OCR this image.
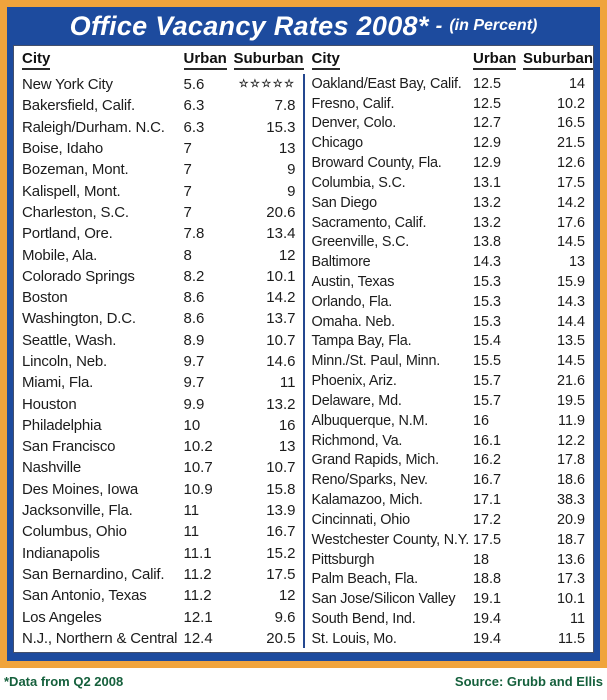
Office Vacancy Rates 2008* - (in Percent)
City	Urban Suburban
New York City	5.6	☆☆☆☆☆
Bakersfield, Calif.	6.3	7.8
Raleigh/Durham. N.C.	6.3	15.3
Boise, Idaho	7	13
Bozeman, Mont.	7	9
Kalispell, Mont.	7	9
Charleston, S.C.	7	20.6
Portland, Ore.	7.8	13.4
Mobile, Ala.	8	12
Colorado Springs	8.2	10.1
Boston	8.6	14.2
Washington, D.C.	8.6	13.7
Seattle, Wash.	8.9	10.7
Lincoln, Neb.	9.7	14.6
Miami, Fla.	9.7	11
Houston	9.9	13.2
Philadelphia	10	16
San Francisco	10.2	13
Nashville	10.7	10.7
Des Moines, Iowa	10.9	15.8
Jacksonville, Fla.	11	13.9
Columbus, Ohio	11	16.7
Indianapolis	11.1	15.2
San Bernardino, Calif.	11.2	17.5
San Antonio, Texas	11.2	12
Los Angeles	12.1	9.6
N.J., Northern & Central 12.4	20.5
City	Urban Suburban
Oakland/East Bay, Calif. 12.5	14
Fresno, Calif.	12.5	10.2
Denver, Colo.	12.7	16.5
Chicago	12.9	21.5
Broward County, Fla.	12.9	12.6
Columbia, S.C.	13.1	17.5
San Diego	13.2	14.2
Sacramento, Calif.	13.2	17.6
Greenville, S.C.	13.8	14.5
Baltimore	14.3	13
Austin, Texas	15.3	15.9
Orlando, Fla.	15.3	14.3
Omaha. Neb.	15.3	14.4
Tampa Bay, Fla.	15.4	13.5
Minn./St. Paul, Minn.	15.5	14.5
Phoenix, Ariz.	15.7	21.6
Delaware, Md.	15.7	19.5
Albuquerque, N.M.	16	11.9
Richmond, Va.	16.1	12.2
Grand Rapids, Mich.	16.2	17.8
Reno/Sparks, Nev.	16.7	18.6
Kalamazoo, Mich.	17.1	38.3
Cincinnati, Ohio	17.2	20.9
Westchester County, N.Y. 17.5	18.7
Pittsburgh	18	13.6
Palm Beach, Fla.	18.8	17.3
San Jose/Silicon Valley	19.1	10.1
South Bend, Ind.	19.4	11
St. Louis, Mo.	19.4	11.5
*Data from Q2 2008	Source: Grubb and Ellis
